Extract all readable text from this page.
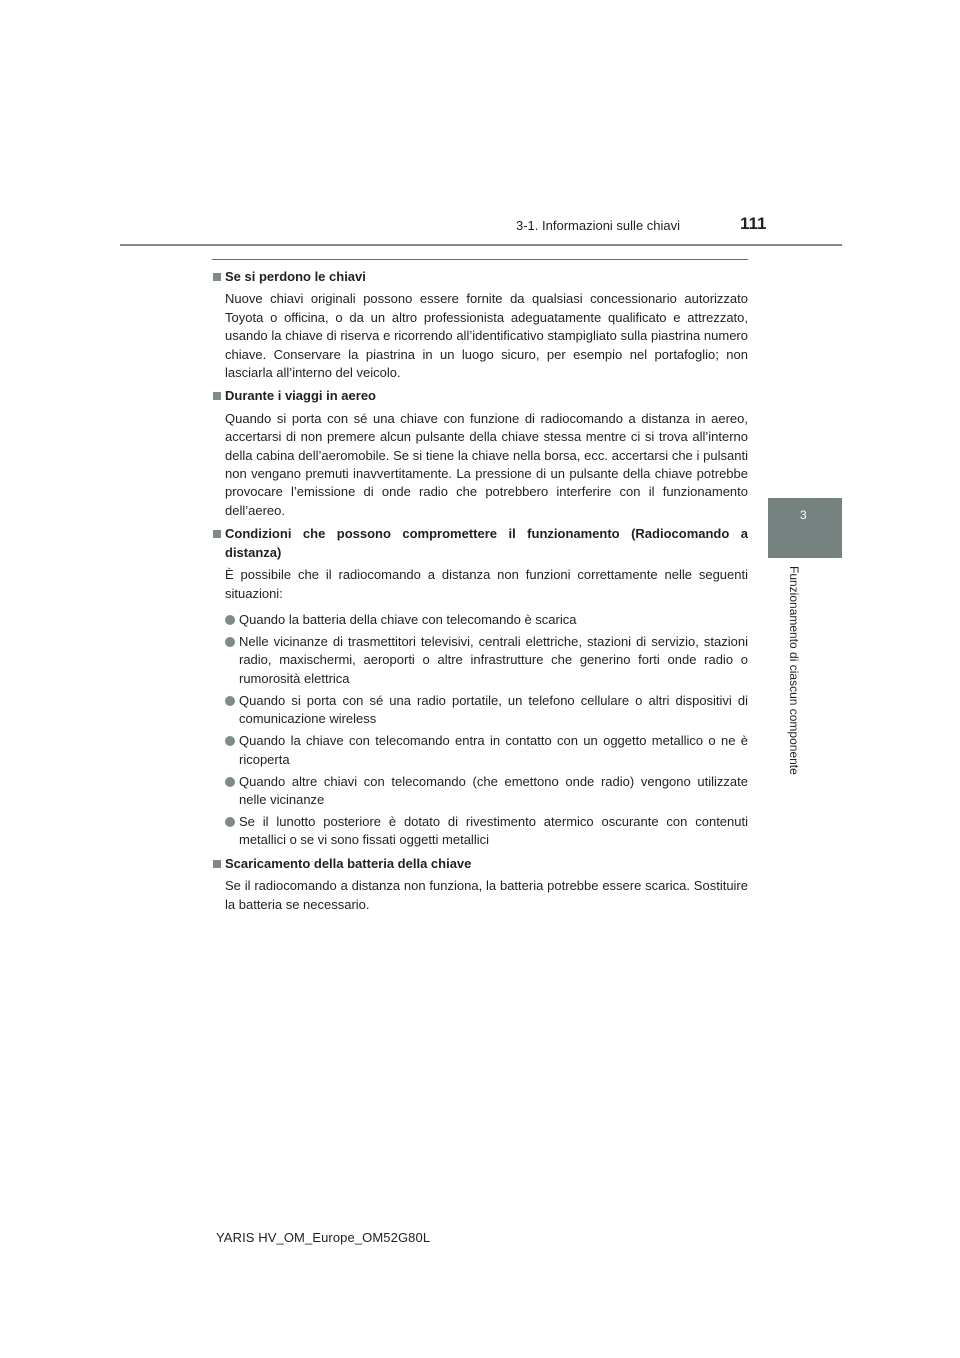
3-1. Informazioni sulle chiavi	111
3
Funzionamento di ciascun componente
Se si perdono le chiavi

Nuove chiavi originali possono essere fornite da qualsiasi concessionario autorizzato Toyota o officina, o da un altro professionista adeguatamente qualificato e attrezzato, usando la chiave di riserva e ricorrendo all’identificativo stampigliato sulla piastrina numero chiave. Conservare la piastrina in un luogo sicuro, per esempio nel portafoglio; non lasciarla all’interno del veicolo.

Durante i viaggi in aereo

Quando si porta con sé una chiave con funzione di radiocomando a distanza in aereo, accertarsi di non premere alcun pulsante della chiave stessa mentre ci si trova all’interno della cabina dell’aeromobile. Se si tiene la chiave nella borsa, ecc. accertarsi che i pulsanti non vengano premuti inavvertitamente. La pressione di un pulsante della chiave potrebbe provocare l’emissione di onde radio che potrebbero interferire con il funzionamento dell’aereo.

Condizioni che possono compromettere il funzionamento (Radiocomando a distanza)

È possibile che il radiocomando a distanza non funzioni correttamente nelle seguenti situazioni:

Quando la batteria della chiave con telecomando è scarica
Nelle vicinanze di trasmettitori televisivi, centrali elettriche, stazioni di servizio, stazioni radio, maxischermi, aeroporti o altre infrastrutture che generino forti onde radio o rumorosità elettrica
Quando si porta con sé una radio portatile, un telefono cellulare o altri dispositivi di comunicazione wireless
Quando la chiave con telecomando entra in contatto con un oggetto metallico o ne è ricoperta
Quando altre chiavi con telecomando (che emettono onde radio) vengono utilizzate nelle vicinanze
Se il lunotto posteriore è dotato di rivestimento atermico oscurante con contenuti metallici o se vi sono fissati oggetti metallici
Scaricamento della batteria della chiave

Se il radiocomando a distanza non funziona, la batteria potrebbe essere scarica. Sostituire la batteria se necessario.

YARIS HV_OM_Europe_OM52G80L
